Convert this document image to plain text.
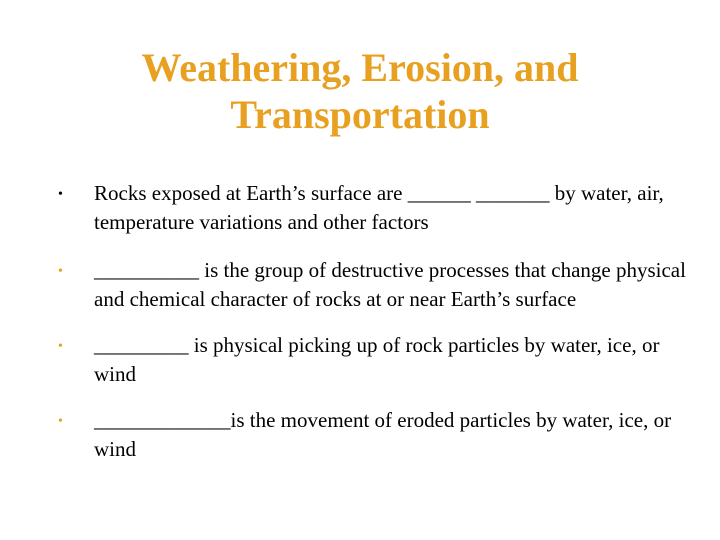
Weathering, Erosion, and
Transportation
•	Rocks exposed at Earth’s surface are ______ _______ by water, air, temperature variations and other factors
•	__________ is the group of destructive processes that change physical and chemical character of rocks at or near Earth’s surface
•	_________ is physical picking up of rock particles by water, ice, or wind
•	_____________is the movement of eroded particles by water, ice, or wind
